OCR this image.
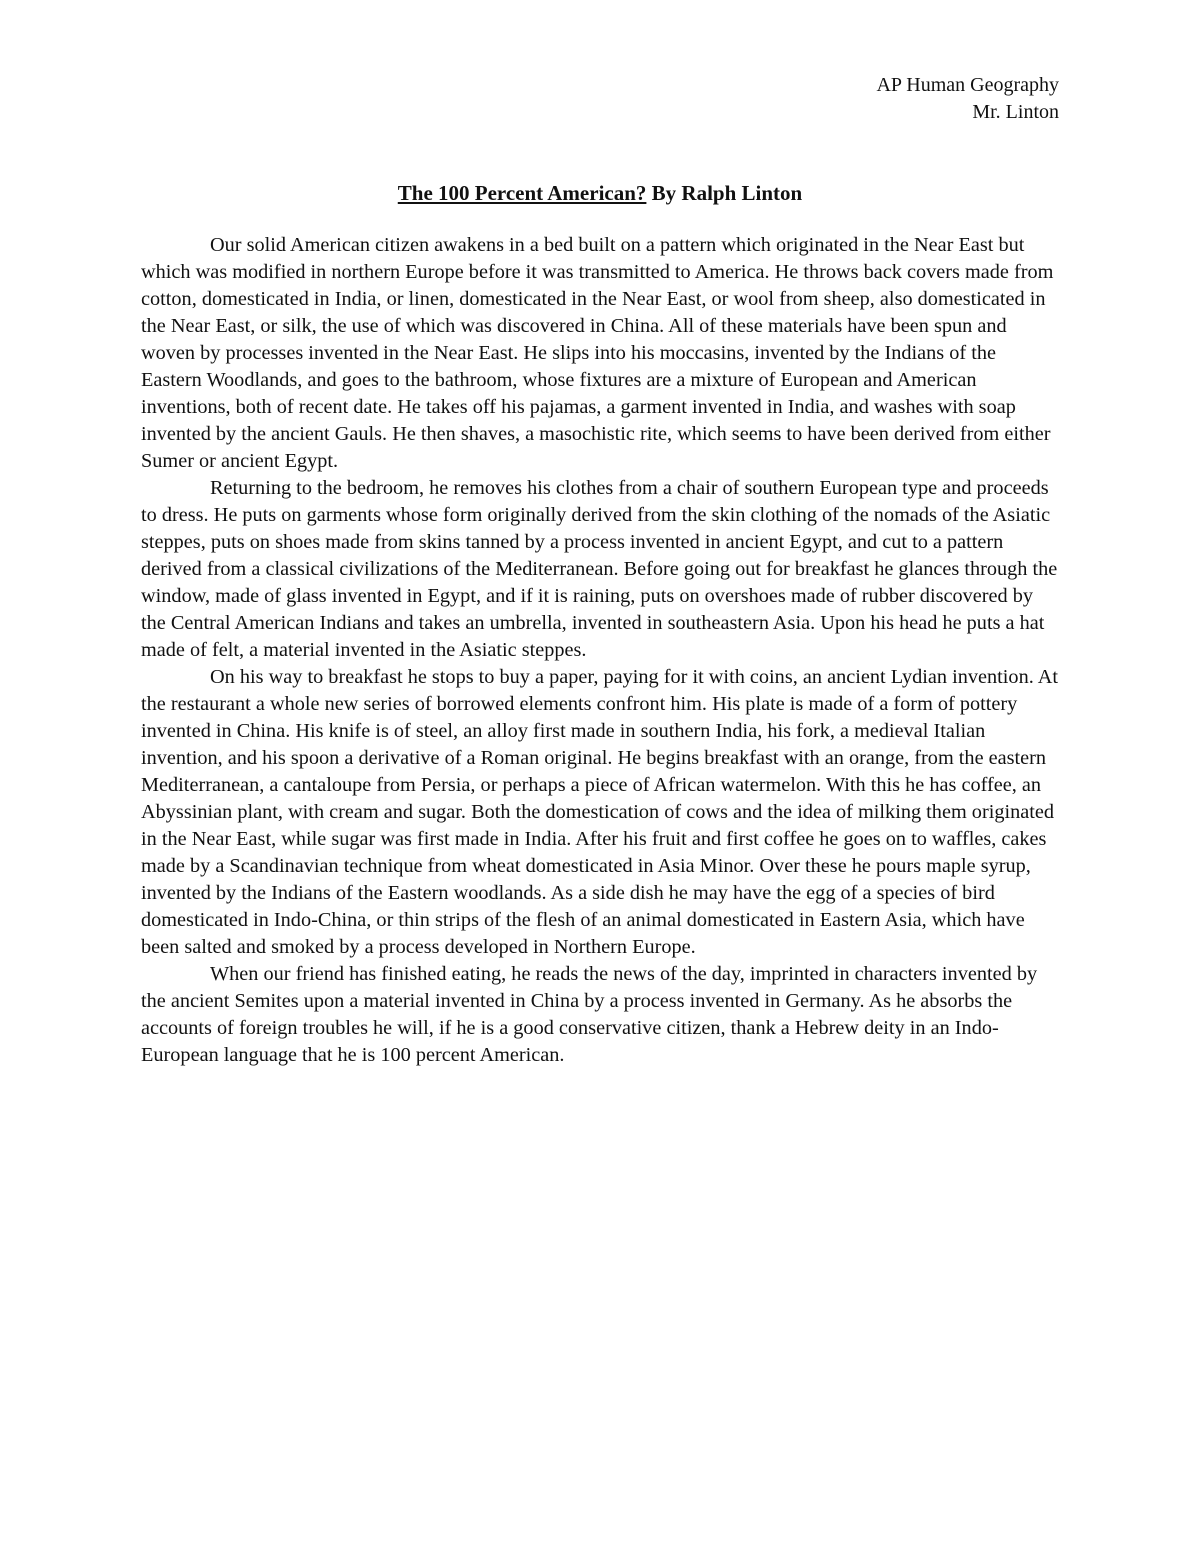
AP Human Geography
Mr. Linton
The 100 Percent American? By Ralph Linton

Our solid American citizen awakens in a bed built on a pattern which originated in the Near East but which was modified in northern Europe before it was transmitted to America. He throws back covers made from cotton, domesticated in India, or linen, domesticated in the Near East, or wool from sheep, also domesticated in the Near East, or silk, the use of which was discovered in China. All of these materials have been spun and woven by processes invented in the Near East. He slips into his moccasins, invented by the Indians of the Eastern Woodlands, and goes to the bathroom, whose fixtures are a mixture of European and American inventions, both of recent date. He takes off his pajamas, a garment invented in India, and washes with soap invented by the ancient Gauls. He then shaves, a masochistic rite, which seems to have been derived from either Sumer or ancient Egypt.

Returning to the bedroom, he removes his clothes from a chair of southern European type and proceeds to dress. He puts on garments whose form originally derived from the skin clothing of the nomads of the Asiatic steppes, puts on shoes made from skins tanned by a process invented in ancient Egypt, and cut to a pattern derived from a classical civilizations of the Mediterranean. Before going out for breakfast he glances through the window, made of glass invented in Egypt, and if it is raining, puts on overshoes made of rubber discovered by the Central American Indians and takes an umbrella, invented in southeastern Asia. Upon his head he puts a hat made of felt, a material invented in the Asiatic steppes.

On his way to breakfast he stops to buy a paper, paying for it with coins, an ancient Lydian invention. At the restaurant a whole new series of borrowed elements confront him. His plate is made of a form of pottery invented in China. His knife is of steel, an alloy first made in southern India, his fork, a medieval Italian invention, and his spoon a derivative of a Roman original. He begins breakfast with an orange, from the eastern Mediterranean, a cantaloupe from Persia, or perhaps a piece of African watermelon. With this he has coffee, an Abyssinian plant, with cream and sugar. Both the domestication of cows and the idea of milking them originated in the Near East, while sugar was first made in India. After his fruit and first coffee he goes on to waffles, cakes made by a Scandinavian technique from wheat domesticated in Asia Minor. Over these he pours maple syrup, invented by the Indians of the Eastern woodlands. As a side dish he may have the egg of a species of bird domesticated in Indo-China, or thin strips of the flesh of an animal domesticated in Eastern Asia, which have been salted and smoked by a process developed in Northern Europe.

When our friend has finished eating, he reads the news of the day, imprinted in characters invented by the ancient Semites upon a material invented in China by a process invented in Germany. As he absorbs the accounts of foreign troubles he will, if he is a good conservative citizen, thank a Hebrew deity in an Indo-European language that he is 100 percent American.
